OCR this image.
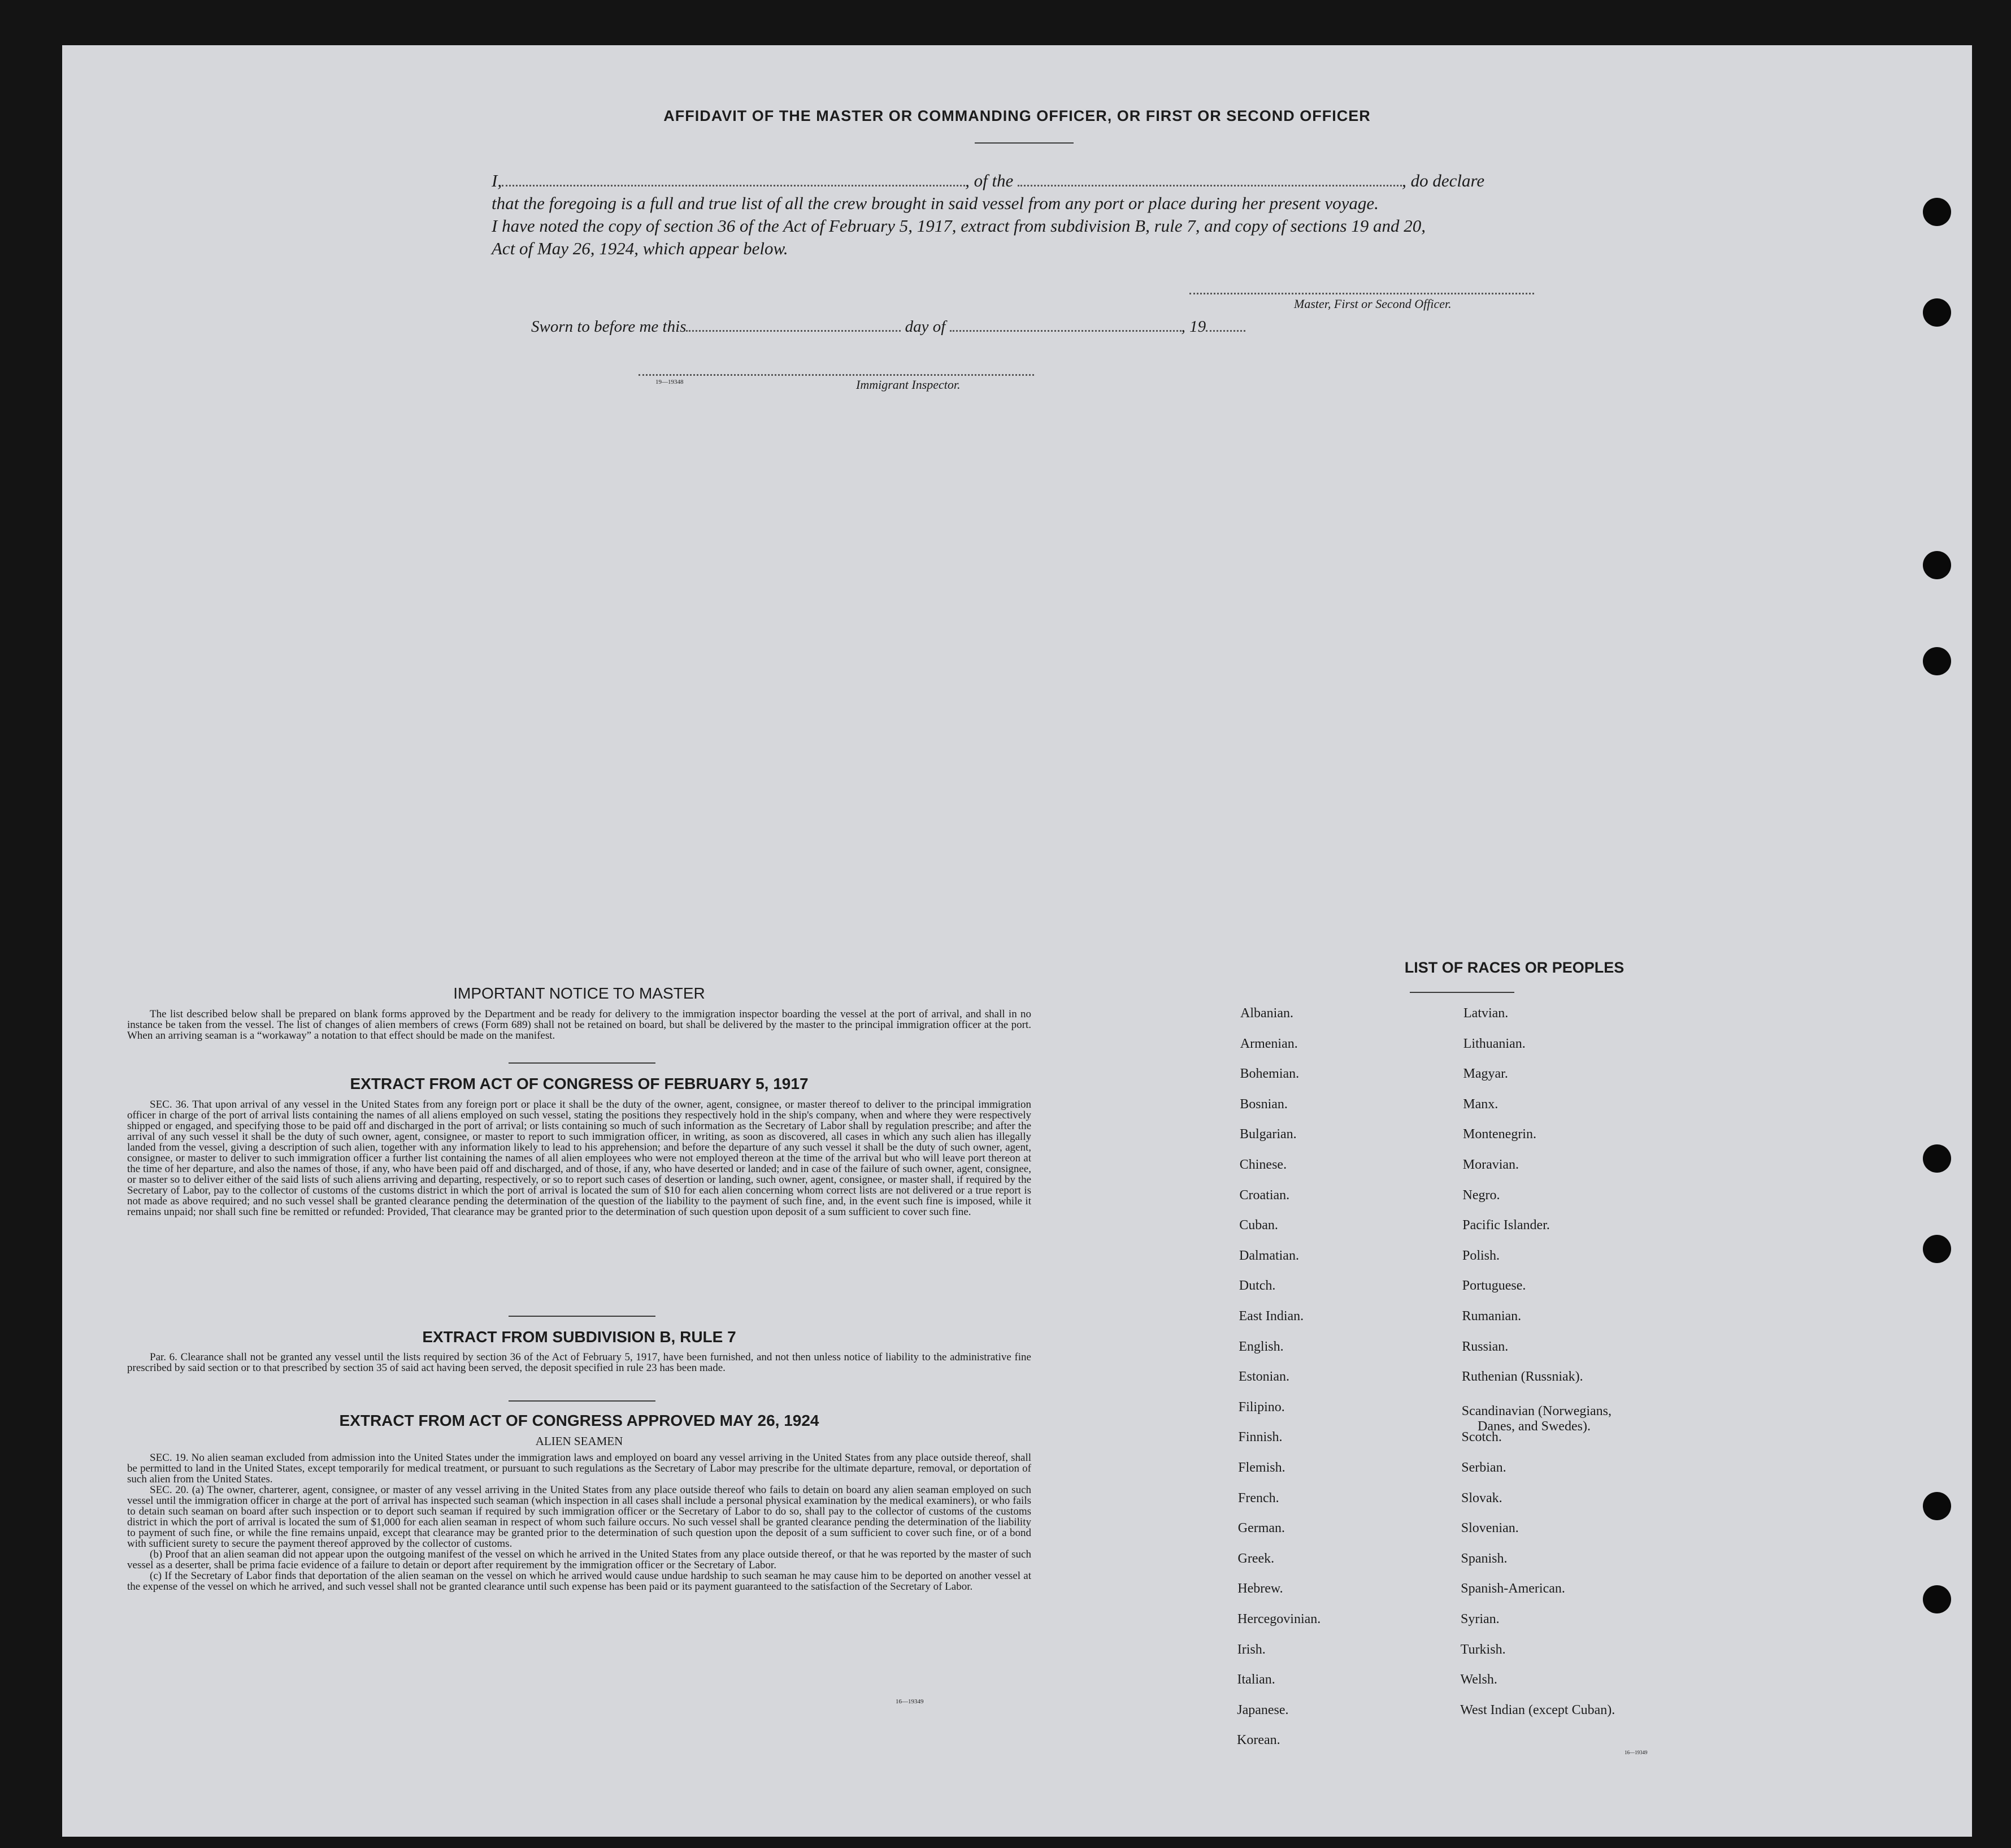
AFFIDAVIT OF THE MASTER OR COMMANDING OFFICER, OR FIRST OR SECOND OFFICER
I,	, of the	, do declare
that the foregoing is a full and true list of all the crew brought in said vessel from any port or place during her present voyage.
I have noted the copy of section 36 of the Act of February 5, 1917, extract from subdivision B, rule 7, and copy of sections 19 and 20,
Act of May 26, 1924, which appear below.
Master, First or Second Officer.
Sworn to before me this	day of	, 19
19—19348	Immigrant Inspector.
IMPORTANT NOTICE TO MASTER
The list described below shall be prepared on blank forms approved by the Department and be ready for delivery to the immigration inspector boarding the vessel at the port of arrival, and shall in no instance be taken from the vessel. The list of changes of alien members of crews (Form 689) shall not be retained on board, but shall be delivered by the master to the principal immigration officer at the port. When an arriving seaman is a “workaway” a notation to that effect should be made on the manifest.
EXTRACT FROM ACT OF CONGRESS OF FEBRUARY 5, 1917
SEC. 36. That upon arrival of any vessel in the United States from any foreign port or place it shall be the duty of the owner, agent, consignee, or master thereof to deliver to the principal immigration officer in charge of the port of arrival lists containing the names of all aliens employed on such vessel, stating the positions they respectively hold in the ship's company, when and where they were respectively shipped or engaged, and specifying those to be paid off and discharged in the port of arrival; or lists containing so much of such information as the Secretary of Labor shall by regulation prescribe; and after the arrival of any such vessel it shall be the duty of such owner, agent, consignee, or master to report to such immigration officer, in writing, as soon as discovered, all cases in which any such alien has illegally landed from the vessel, giving a description of such alien, together with any information likely to lead to his apprehension; and before the departure of any such vessel it shall be the duty of such owner, agent, consignee, or master to deliver to such immigration officer a further list containing the names of all alien employees who were not employed thereon at the time of the arrival but who will leave port thereon at the time of her departure, and also the names of those, if any, who have been paid off and discharged, and of those, if any, who have deserted or landed; and in case of the failure of such owner, agent, consignee, or master so to deliver either of the said lists of such aliens arriving and departing, respectively, or so to report such cases of desertion or landing, such owner, agent, consignee, or master shall, if required by the Secretary of Labor, pay to the collector of customs of the customs district in which the port of arrival is located the sum of $10 for each alien concerning whom correct lists are not delivered or a true report is not made as above required; and no such vessel shall be granted clearance pending the determination of the question of the liability to the payment of such fine, and, in the event such fine is imposed, while it remains unpaid; nor shall such fine be remitted or refunded: Provided, That clearance may be granted prior to the determination of such question upon deposit of a sum sufficient to cover such fine.
EXTRACT FROM SUBDIVISION B, RULE 7
Par. 6. Clearance shall not be granted any vessel until the lists required by section 36 of the Act of February 5, 1917, have been furnished, and not then unless notice of liability to the administrative fine prescribed by said section or to that prescribed by section 35 of said act having been served, the deposit specified in rule 23 has been made.
EXTRACT FROM ACT OF CONGRESS APPROVED MAY 26, 1924
ALIEN SEAMEN

SEC. 19. No alien seaman excluded from admission into the United States under the immigration laws and employed on board any vessel arriving in the United States from any place outside thereof, shall be permitted to land in the United States, except temporarily for medical treatment, or pursuant to such regulations as the Secretary of Labor may prescribe for the ultimate departure, removal, or deportation of such alien from the United States.

SEC. 20. (a) The owner, charterer, agent, consignee, or master of any vessel arriving in the United States from any place outside thereof who fails to detain on board any alien seaman employed on such vessel until the immigration officer in charge at the port of arrival has inspected such seaman (which inspection in all cases shall include a personal physical examination by the medical examiners), or who fails to detain such seaman on board after such inspection or to deport such seaman if required by such immigration officer or the Secretary of Labor to do so, shall pay to the collector of customs of the customs district in which the port of arrival is located the sum of $1,000 for each alien seaman in respect of whom such failure occurs. No such vessel shall be granted clearance pending the determination of the liability to payment of such fine, or while the fine remains unpaid, except that clearance may be granted prior to the determination of such question upon the deposit of a sum sufficient to cover such fine, or of a bond with sufficient surety to secure the payment thereof approved by the collector of customs.

(b) Proof that an alien seaman did not appear upon the outgoing manifest of the vessel on which he arrived in the United States from any place outside thereof, or that he was reported by the master of such vessel as a deserter, shall be prima facie evidence of a failure to detain or deport after requirement by the immigration officer or the Secretary of Labor.

(c) If the Secretary of Labor finds that deportation of the alien seaman on the vessel on which he arrived would cause undue hardship to such seaman he may cause him to be deported on another vessel at the expense of the vessel on which he arrived, and such vessel shall not be granted clearance until such expense has been paid or its payment guaranteed to the satisfaction of the Secretary of Labor.

16—19349
LIST OF RACES OR PEOPLES
16—19349
Albanian.
Armenian.
Bohemian.
Bosnian.
Bulgarian.
Chinese.
Croatian.
Cuban.
Dalmatian.
Dutch.
East Indian.
English.
Estonian.
Filipino.
Finnish.
Flemish.
French.
German.
Greek.
Hebrew.
Hercegovinian.
Irish.
Italian.
Japanese.
Korean.
Latvian.
Lithuanian.
Magyar.
Manx.
Montenegrin.
Moravian.
Negro.
Pacific Islander.
Polish.
Portuguese.
Rumanian.
Russian.
Ruthenian (Russniak).
Scandinavian (Norwegians,
Scotch.
Serbian.
Slovak.
Slovenian.
Spanish.
Spanish-American.
Syrian.
Turkish.
Welsh.
West Indian (except Cuban).
Danes, and Swedes).
